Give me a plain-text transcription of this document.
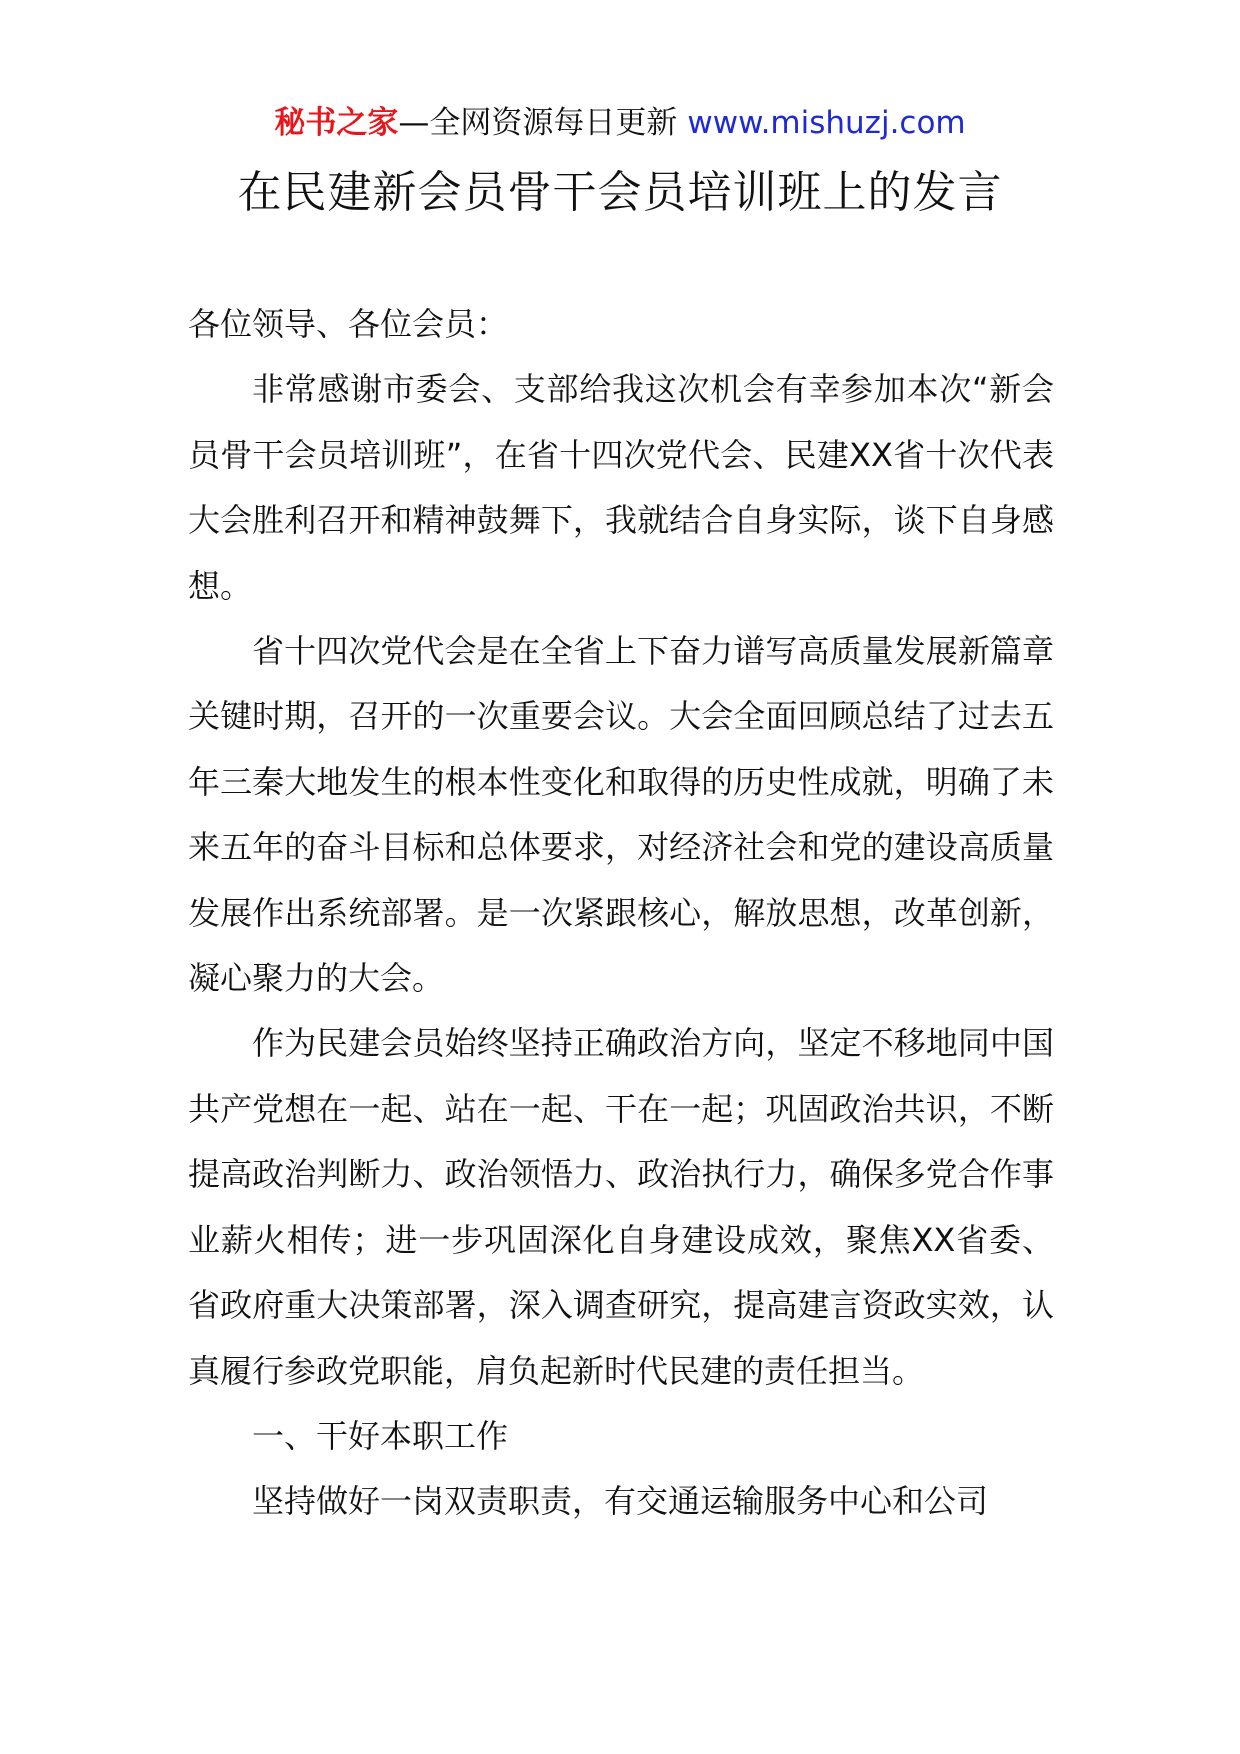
秘书之家—全网资源每日更新 www.mishuzj.com
在民建新会员骨干会员培训班上的发言

各位领导、各位会员：

非常感谢市委会、支部给我这次机会有幸参加本次“新会员骨干会员培训班”，在省十四次党代会、民建XX省十次代表大会胜利召开和精神鼓舞下，我就结合自身实际，谈下自身感想。

省十四次党代会是在全省上下奋力谱写高质量发展新篇章关键时期，召开的一次重要会议。大会全面回顾总结了过去五年三秦大地发生的根本性变化和取得的历史性成就，明确了未来五年的奋斗目标和总体要求，对经济社会和党的建设高质量发展作出系统部署。是一次紧跟核心，解放思想，改革创新，凝心聚力的大会。

作为民建会员始终坚持正确政治方向，坚定不移地同中国共产党想在一起、站在一起、干在一起；巩固政治共识，不断提高政治判断力、政治领悟力、政治执行力，确保多党合作事业薪火相传；进一步巩固深化自身建设成效，聚焦XX省委、省政府重大决策部署，深入调查研究，提高建言资政实效，认真履行参政党职能，肩负起新时代民建的责任担当。

一、干好本职工作

坚持做好一岗双责职责，有交通运输服务中心和公司
